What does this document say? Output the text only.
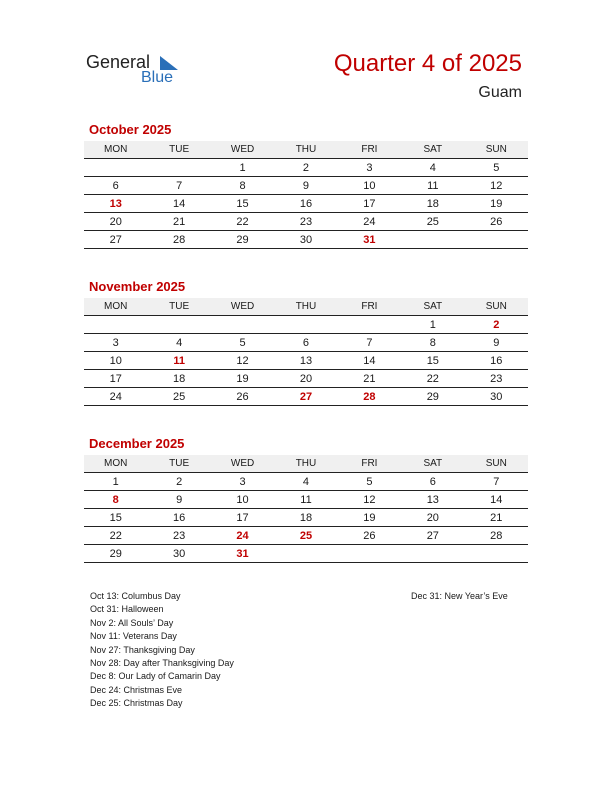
General
Blue
Quarter 4 of 2025
Guam
October 2025
MON	TUE	WED	THU	FRI	SAT	SUN
		1	2	3	4	5
6	7	8	9	10	11	12
13	14	15	16	17	18	19
20	21	22	23	24	25	26
27	28	29	30	31		
November 2025
MON	TUE	WED	THU	FRI	SAT	SUN
					1	2
3	4	5	6	7	8	9
10	11	12	13	14	15	16
17	18	19	20	21	22	23
24	25	26	27	28	29	30
December 2025
MON	TUE	WED	THU	FRI	SAT	SUN
1	2	3	4	5	6	7
8	9	10	11	12	13	14
15	16	17	18	19	20	21
22	23	24	25	26	27	28
29	30	31				
Oct 13: Columbus Day
Oct 31: Halloween
Nov 2: All Souls’ Day
Nov 11: Veterans Day
Nov 27: Thanksgiving Day
Nov 28: Day after Thanksgiving Day
Dec 8: Our Lady of Camarin Day
Dec 24: Christmas Eve
Dec 25: Christmas Day
Dec 31: New Year’s Eve
